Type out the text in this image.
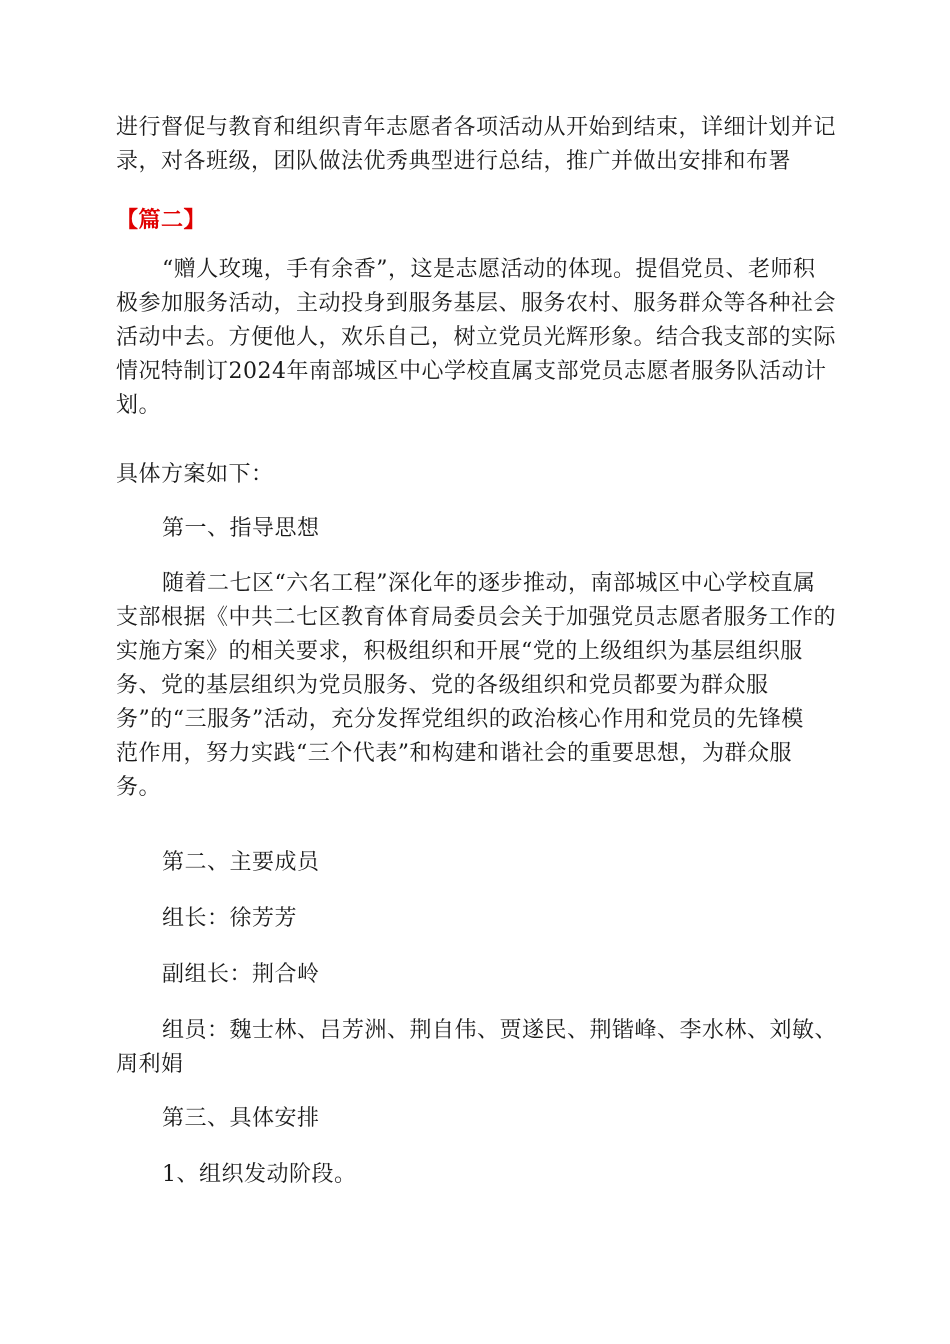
进行督促与教育和组织青年志愿者各项活动从开始到结束，详细计划并记
录，对各班级，团队做法优秀典型进行总结，推广并做出安排和布署
【篇二】
“赠人玫瑰，手有余香”，这是志愿活动的体现。提倡党员、老师积
极参加服务活动，主动投身到服务基层、服务农村、服务群众等各种社会
活动中去。方便他人，欢乐自己，树立党员光辉形象。结合我支部的实际
情况特制订2024年南部城区中心学校直属支部党员志愿者服务队活动计
划。
具体方案如下：
第一、指导思想
随着二七区“六名工程”深化年的逐步推动，南部城区中心学校直属
支部根据《中共二七区教育体育局委员会关于加强党员志愿者服务工作的
实施方案》的相关要求，积极组织和开展“党的上级组织为基层组织服
务、党的基层组织为党员服务、党的各级组织和党员都要为群众服
务”的“三服务”活动，充分发挥党组织的政治核心作用和党员的先锋模
范作用，努力实践“三个代表”和构建和谐社会的重要思想，为群众服
务。
第二、主要成员
组长：徐芳芳
副组长：荆合岭
组员：魏士林、吕芳洲、荆自伟、贾遂民、荆锴峰、李水林、刘敏、
周利娟
第三、具体安排
1、组织发动阶段。
